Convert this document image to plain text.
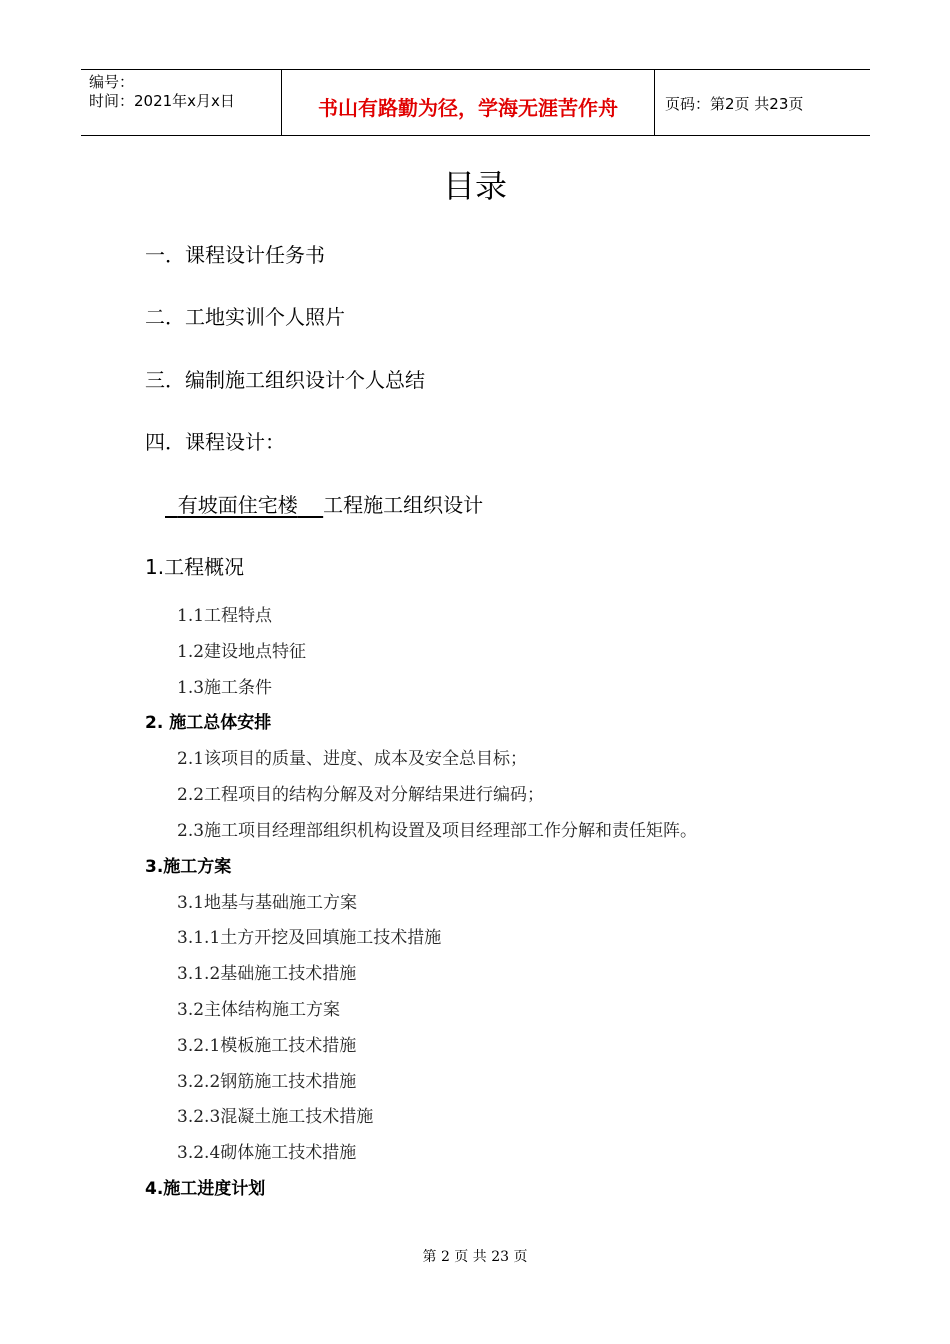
编号：
时间：2021年x月x日	书山有路勤为径，学海无涯苦作舟	页码：第2页 共23页
目录
一．课程设计任务书
二．工地实训个人照片
三．编制施工组织设计个人总结
四．课程设计：
有坡面住宅楼 工程施工组织设计
1.工程概况
1.1工程特点
1.2建设地点特征
1.3施工条件
2. 施工总体安排
2.1该项目的质量、进度、成本及安全总目标；
2.2工程项目的结构分解及对分解结果进行编码；
2.3施工项目经理部组织机构设置及项目经理部工作分解和责任矩阵。
3.施工方案
3.1地基与基础施工方案
3.1.1土方开挖及回填施工技术措施
3.1.2基础施工技术措施
3.2主体结构施工方案
3.2.1模板施工技术措施
3.2.2钢筋施工技术措施
3.2.3混凝土施工技术措施
3.2.4砌体施工技术措施
4.施工进度计划
第 2 页 共 23 页
